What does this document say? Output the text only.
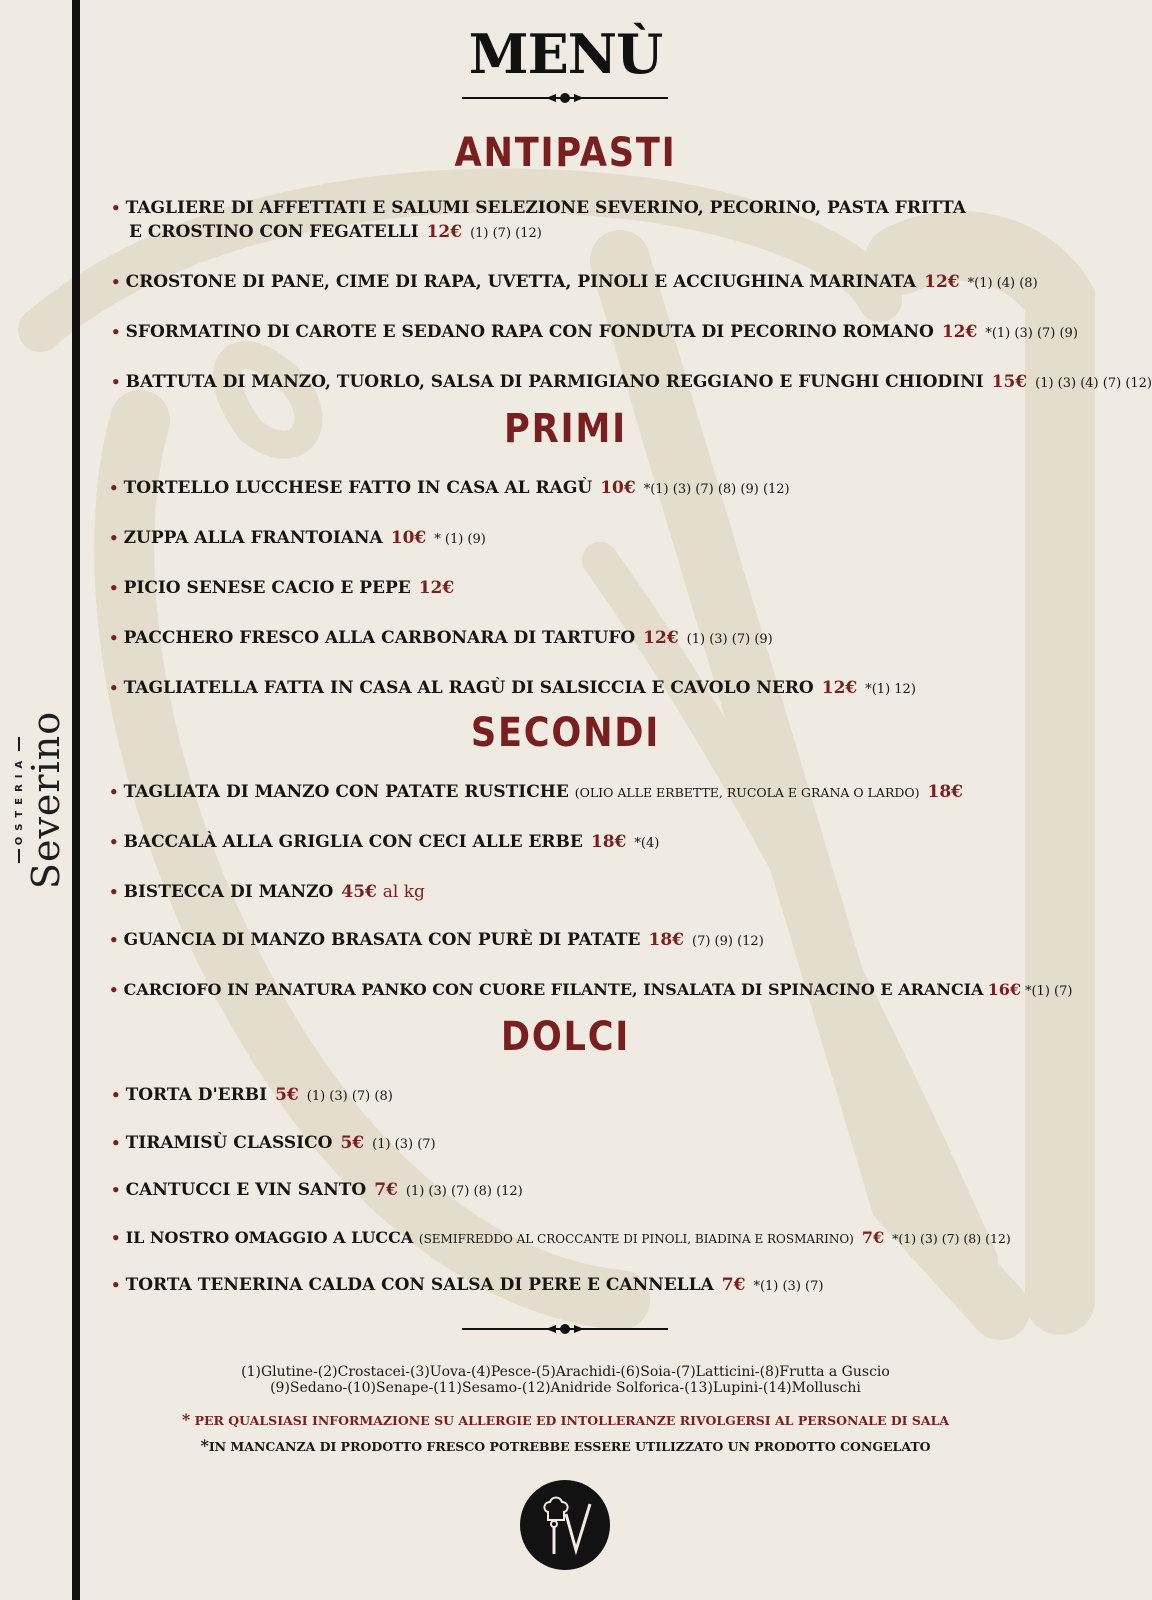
OSTERIA Severino
MENÙ
ANTIPASTI
• TAGLIERE DI AFFETTATI E SALUMI SELEZIONE SEVERINO, PECORINO, PASTA FRITTA
E CROSTINO CON FEGATELLI 12€ (1) (7) (12)
• CROSTONE DI PANE, CIME DI RAPA, UVETTA, PINOLI E ACCIUGHINA MARINATA 12€ *(1) (4) (8)
• SFORMATINO DI CAROTE E SEDANO RAPA CON FONDUTA DI PECORINO ROMANO 12€ *(1) (3) (7) (9)
• BATTUTA DI MANZO, TUORLO, SALSA DI PARMIGIANO REGGIANO E FUNGHI CHIODINI 15€ (1) (3) (4) (7) (12)
PRIMI
• TORTELLO LUCCHESE FATTO IN CASA AL RAGÙ 10€ *(1) (3) (7) (8) (9) (12)
• ZUPPA ALLA FRANTOIANA 10€ * (1) (9)
• PICIO SENESE CACIO E PEPE 12€
• PACCHERO FRESCO ALLA CARBONARA DI TARTUFO 12€ (1) (3) (7) (9)
• TAGLIATELLA FATTA IN CASA AL RAGÙ DI SALSICCIA E CAVOLO NERO 12€ *(1) 12)
SECONDI
• TAGLIATA DI MANZO CON PATATE RUSTICHE (OLIO ALLE ERBETTE, RUCOLA E GRANA O LARDO) 18€
• BACCALÀ ALLA GRIGLIA CON CECI ALLE ERBE 18€ *(4)
• BISTECCA DI MANZO 45€ al kg
• GUANCIA DI MANZO BRASATA CON PURÈ DI PATATE 18€ (7) (9) (12)
• CARCIOFO IN PANATURA PANKO CON CUORE FILANTE, INSALATA DI SPINACINO E ARANCIA 16€ *(1) (7)
DOLCI
• TORTA D'ERBI 5€ (1) (3) (7) (8)
• TIRAMISÙ CLASSICO 5€ (1) (3) (7)
• CANTUCCI E VIN SANTO 7€ (1) (3) (7) (8) (12)
• IL NOSTRO OMAGGIO A LUCCA (SEMIFREDDO AL CROCCANTE DI PINOLI, BIADINA E ROSMARINO) 7€ *(1) (3) (7) (8) (12)
• TORTA TENERINA CALDA CON SALSA DI PERE E CANNELLA 7€ *(1) (3) (7)
(1)Glutine-(2)Crostacei-(3)Uova-(4)Pesce-(5)Arachidi-(6)Soia-(7)Latticini-(8)Frutta a Guscio
(9)Sedano-(10)Senape-(11)Sesamo-(12)Anidride Solforica-(13)Lupini-(14)Molluschi
* PER QUALSIASI INFORMAZIONE SU ALLERGIE ED INTOLLERANZE RIVOLGERSI AL PERSONALE DI SALA
*IN MANCANZA DI PRODOTTO FRESCO POTREBBE ESSERE UTILIZZATO UN PRODOTTO CONGELATO
